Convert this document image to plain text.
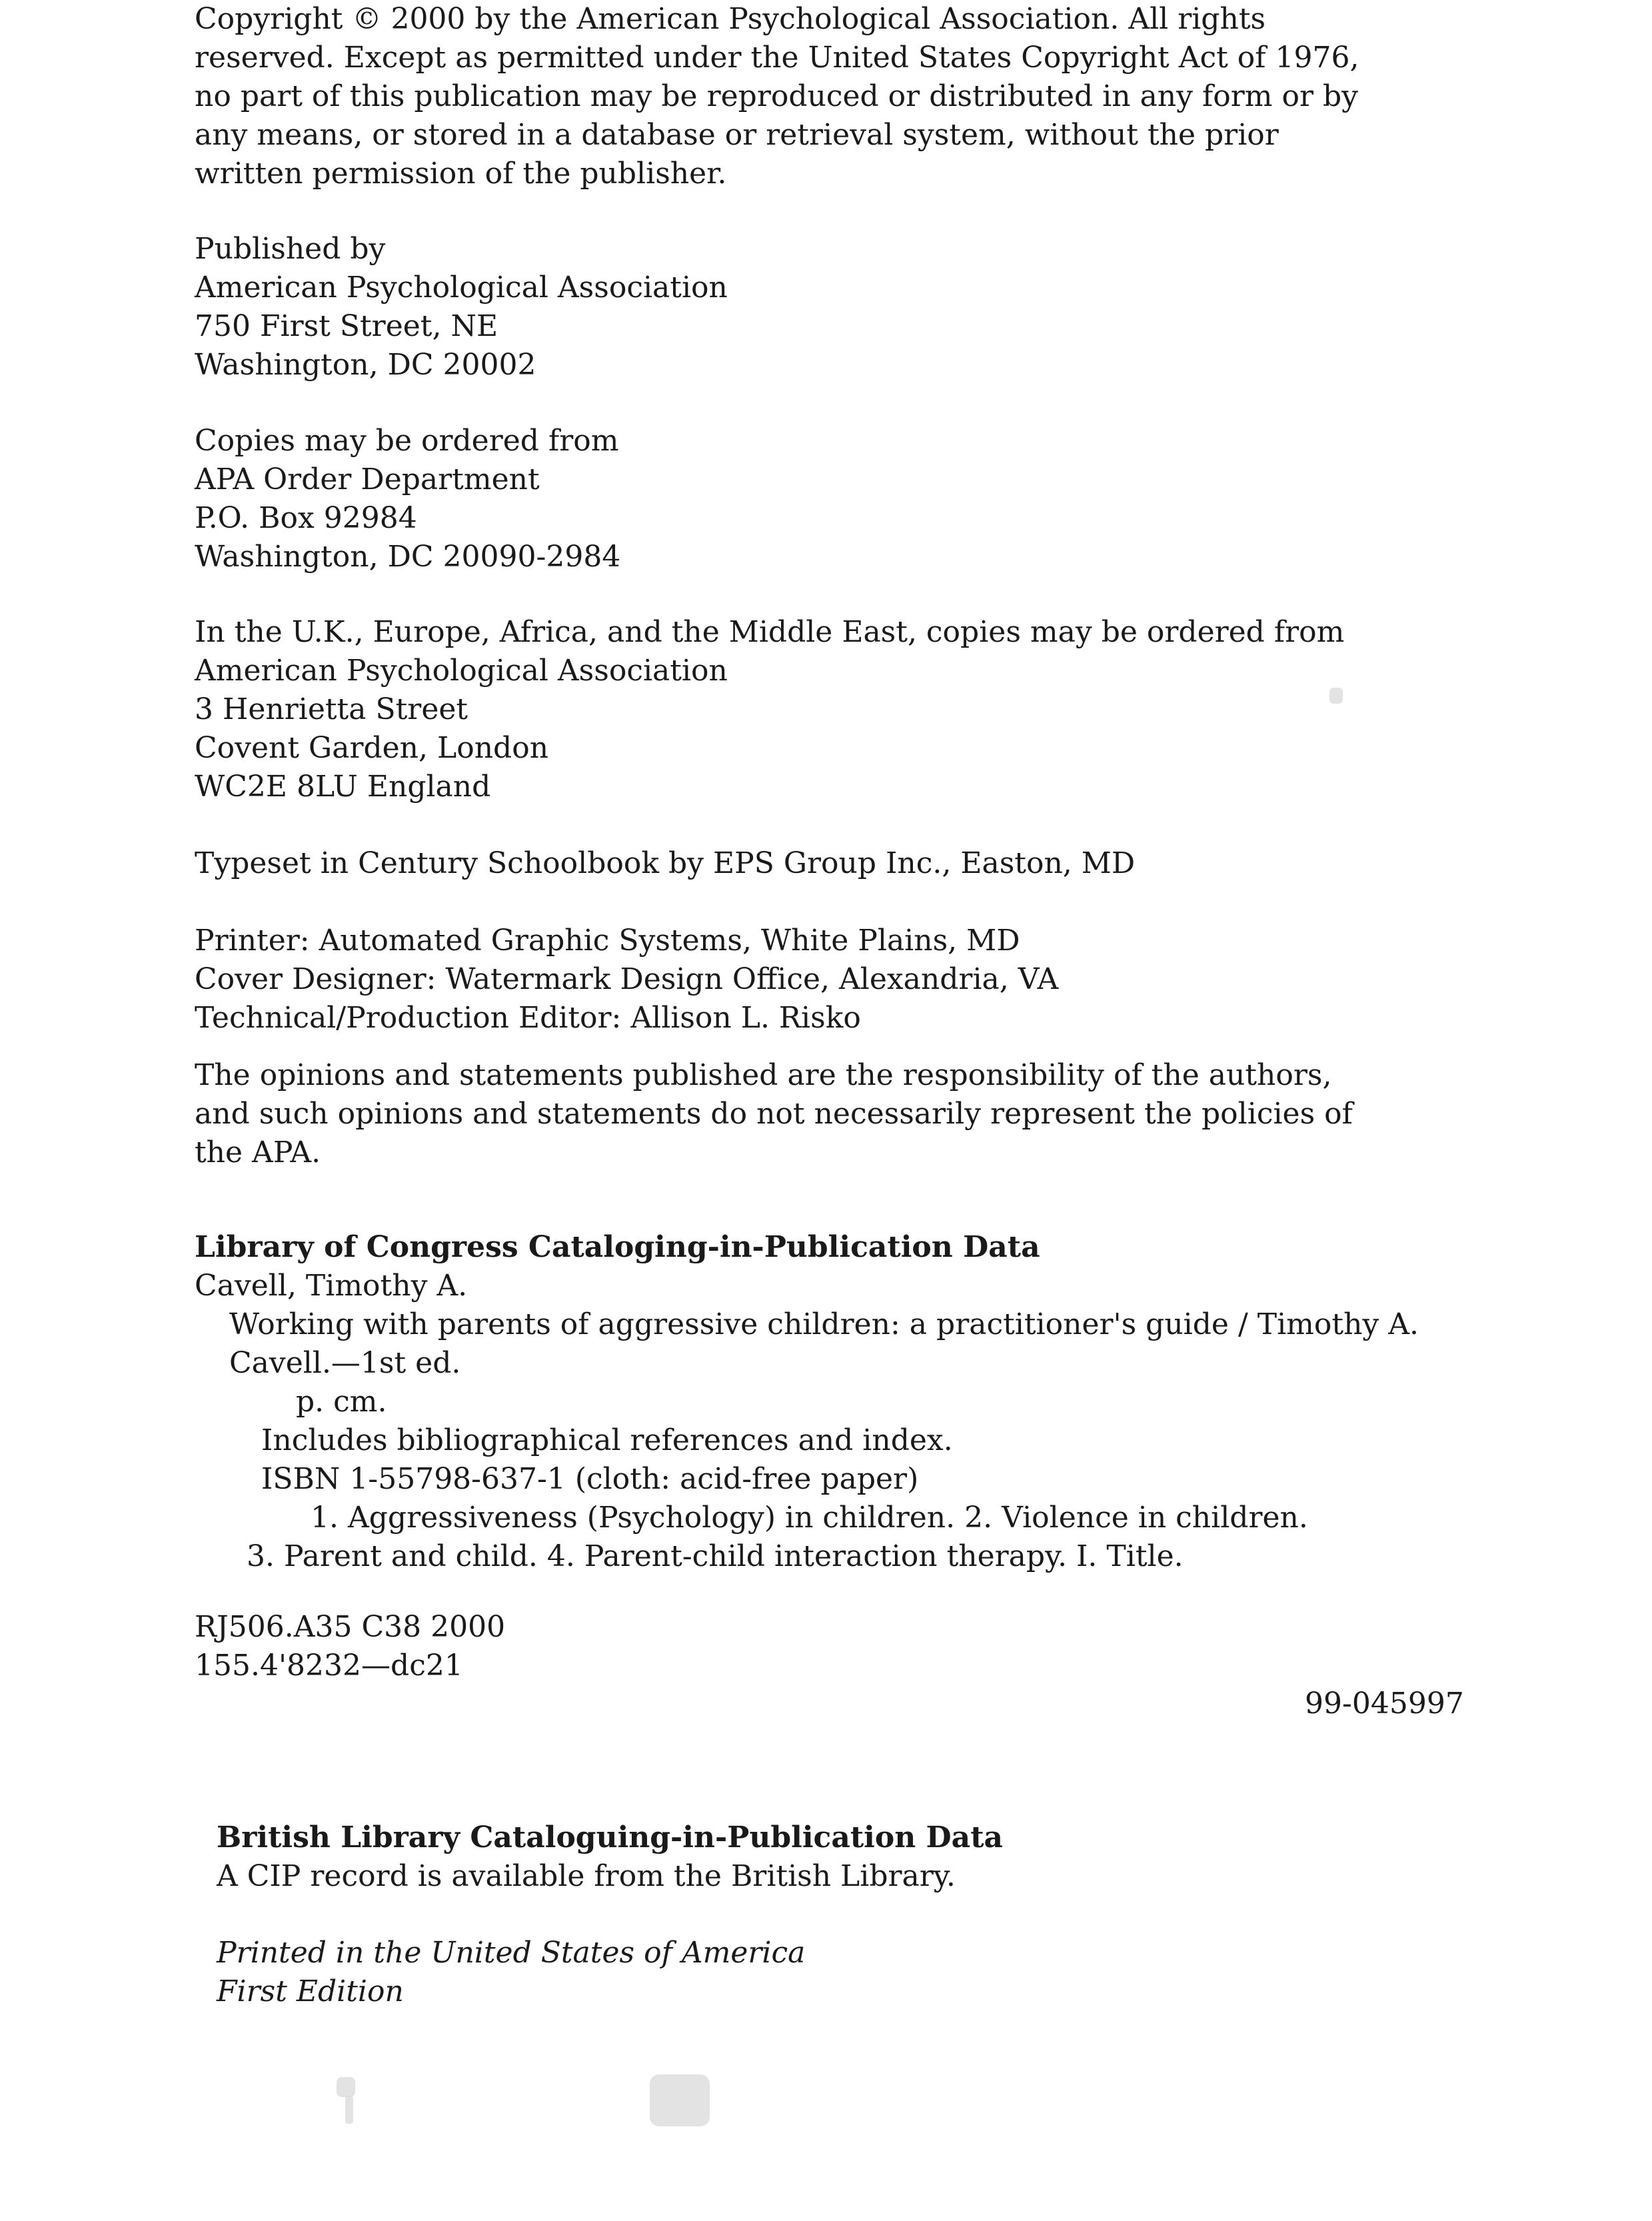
Copyright © 2000 by the American Psychological Association. All rights

reserved. Except as permitted under the United States Copyright Act of 1976,

no part of this publication may be reproduced or distributed in any form or by

any means, or stored in a database or retrieval system, without the prior

written permission of the publisher.

Published by

American Psychological Association

750 First Street, NE

Washington, DC 20002

Copies may be ordered from

APA Order Department

P.O. Box 92984

Washington, DC 20090-2984

In the U.K., Europe, Africa, and the Middle East, copies may be ordered from

American Psychological Association

3 Henrietta Street

Covent Garden, London

WC2E 8LU England

Typeset in Century Schoolbook by EPS Group Inc., Easton, MD

Printer: Automated Graphic Systems, White Plains, MD

Cover Designer: Watermark Design Office, Alexandria, VA

Technical/Production Editor: Allison L. Risko

The opinions and statements published are the responsibility of the authors,

and such opinions and statements do not necessarily represent the policies of

the APA.

Library of Congress Cataloging-in-Publication Data

Cavell, Timothy A.

Working with parents of aggressive children: a practitioner's guide / Timothy A.

Cavell.—1st ed.

p. cm.

Includes bibliographical references and index.

ISBN 1-55798-637-1 (cloth: acid-free paper)

1. Aggressiveness (Psychology) in children. 2. Violence in children.

3. Parent and child. 4. Parent-child interaction therapy. I. Title.

RJ506.A35 C38 2000

155.4'8232—dc21

99-045997

British Library Cataloguing-in-Publication Data

A CIP record is available from the British Library.

Printed in the United States of America

First Edition
